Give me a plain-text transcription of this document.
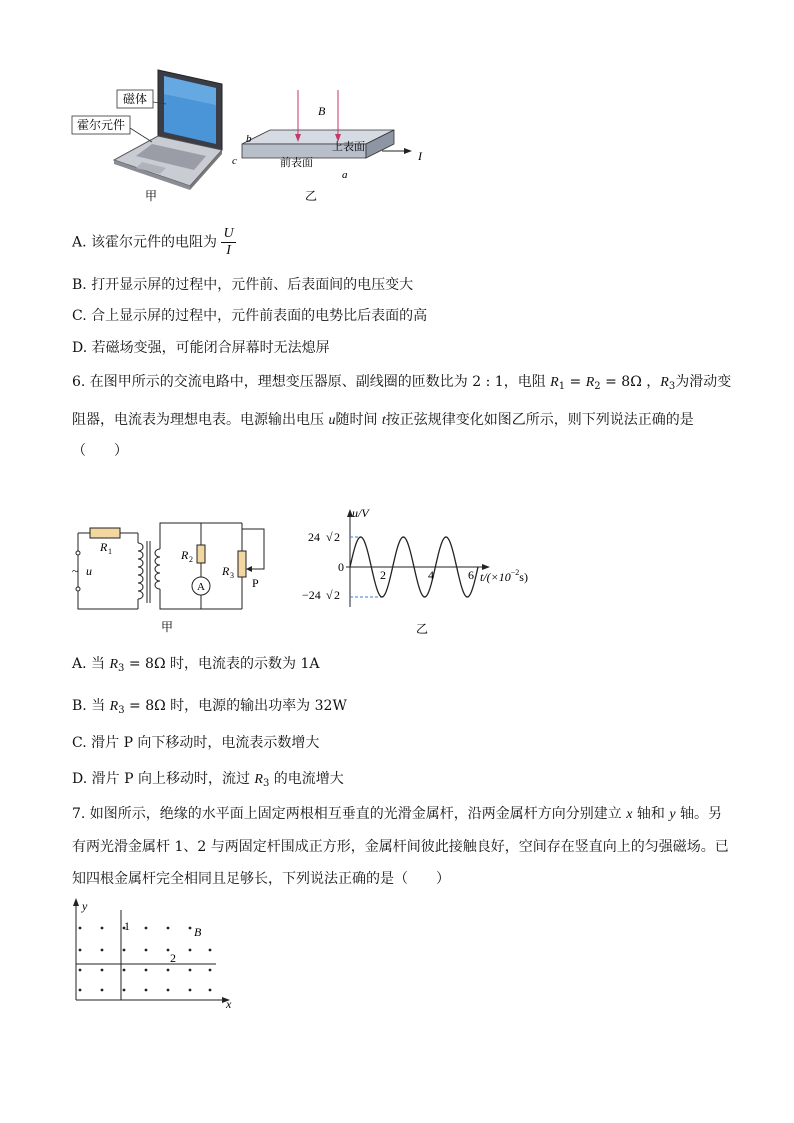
磁体
霍尔元件
甲
B
I
b
c
a
上表面
前表面
乙
A. 该霍尔元件的电阻为 $\frac{U}{I}$
B. 打开显示屏的过程中，元件前、后表面间的电压变大
C. 合上显示屏的过程中，元件前表面的电势比后表面的高
D. 若磁场变强，可能闭合屏幕时无法熄屏
6. 在图甲所示的交流电路中，理想变压器原、副线圈的匝数比为 2 : 1，电阻 $R_1 = R_2 = 8\Omega$ ，$R_3$为滑动变
阻器，电流表为理想电表。电源输出电压 u随时间 t按正弦规律变化如图乙所示，则下列说法正确的是
（　　）
R 1
~ u
R 2
A
R 3
P
甲
u/V
24 √ 2
−24 √ 2
0
2	4	6 $t/(\times 10^{-2}s)$
乙
A. 当 $R_3 = 8\Omega$ 时，电流表的示数为 1A
B. 当 $R_3 = 8\Omega$ 时，电源的输出功率为 32W
C. 滑片 P 向下移动时，电流表示数增大
D. 滑片 P 向上移动时，流过 $R_3$ 的电流增大
7. 如图所示，绝缘的水平面上固定两根相互垂直的光滑金属杆，沿两金属杆方向分别建立 x 轴和 y 轴。另
有两光滑金属杆 1、2 与两固定杆围成正方形，金属杆间彼此接触良好，空间存在竖直向上的匀强磁场。已
知四根金属杆完全相同且足够长，下列说法正确的是（　　）
y
x
1
2
B
